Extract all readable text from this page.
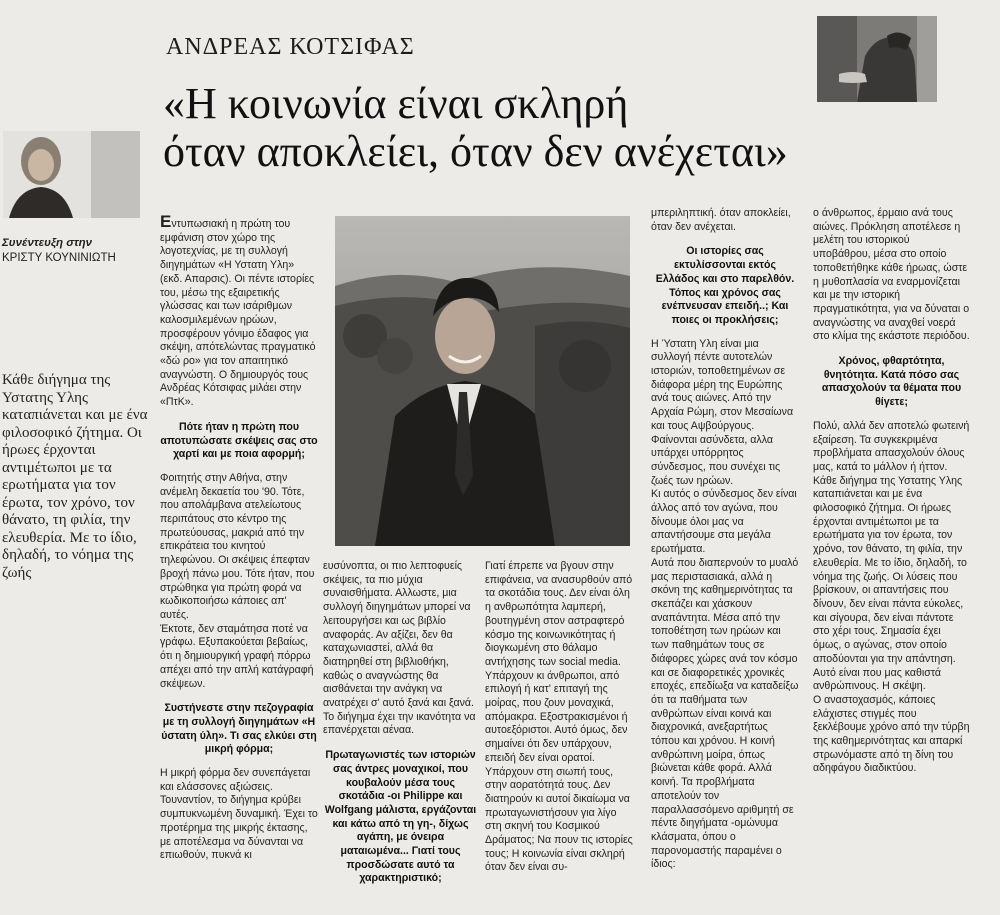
ΑΝΔΡΕΑΣ ΚΟΤΣΙΦΑΣ
«Η κοινωνία είναι σκληρή
όταν αποκλείει, όταν δεν ανέχεται»
Συνέντευξη στην
ΚΡΙΣΤΥ ΚΟΥΝΙΝΙΩΤΗ
Κάθε διήγημα της Υστατης Υλης καταπιάνεται και με ένα φιλοσοφικό ζήτημα. Οι ήρωες έρχονται αντιμέτωποι με τα ερωτήματα για τον έρωτα, τον χρόνο, τον θάνατο, τη φιλία, την ελευθερία. Με το ίδιο, δηλαδή, το νόημα της ζωής

Εντυπωσιακή η πρώτη του εμφάνιση στον χώρο της λογοτεχνίας, με τη συλλογή διηγημάτων «Η Υστατη Υλη» (εκδ. Απαρσις). Οι πέντε ιστορίες του, μέσω της εξαιρετικής γλώσσας και των ισάριθμων καλοσμιλεμένων ηρώων, προσφέρουν γόνιμο έδαφος για σκέψη, απότελώντας πραγματικό «δώ ρο» για τον απαιτητικό αναγνώστη. Ο δημιουργός τους Ανδρέας Κότσιφας μιλάει στην «ΠτΚ».

Πότε ήταν η πρώτη που αποτυπώσατε σκέψεις σας στο χαρτί και με ποια αφορμή;

Φοιτητής στην Αθήνα, στην ανέμελη δεκαετία του '90. Τότε, που απολάμβανα ατελείωτους περιπάτους στο κέντρο της πρωτεύουσας, μακριά από την επικράτεια του κινητού τηλεφώνου. Οι σκέψεις έπεφταν βροχή πάνω μου. Τότε ήταν, που στρώθηκα για πρώτη φορά να κωδικοποιήσω κάποιες απ' αυτές.

Έκτοτε, δεν σταμάτησα ποτέ να γράφω. Εξυπακούεται βεβαίως, ότι η δημιουργική γραφή πόρρω απέχει από την απλή κατάγραφή σκέψεων.

Συστήνεστε στην πεζογραφία με τη συλλογή διηγημάτων «Η ύστατη ύλη». Τι σας ελκύει στη μικρή φόρμα;

Η μικρή φόρμα δεν συνεπάγεται και ελάσσονες αξιώσεις. Τουναντίον, το διήγημα κρύβει συμπυκνωμένη δυναμική. Έχει το προτέρημα της μικρής έκτασης, με αποτέλεσμα να δύνανται να επιωθούν, πυκνά κι

ευσύνοπτα, οι πιο λεπτοφυείς σκέψεις, τα πιο μύχια συναισθήματα. Αλλωστε, μια συλλογή διηγημάτων μπορεί να λειτουργήσει και ως βιβλίο αναφοράς. Αν αξίζει, δεν θα καταχωνιαστεί, αλλά θα διατηρηθεί στη βιβλιοθήκη, καθώς ο αναγνώστης θα αισθάνεται την ανάγκη να ανατρέχει σ' αυτό ξανά και ξανά. Το διήγημα έχει την ικανότητα να επανέρχεται αέναα.

Πρωταγωνιστές των ιστοριών σας άντρες μοναχικοί, που κουβαλούν μέσα τους σκοτάδια -οι Philippe και Wolfgang μάλιστα, εργάζονται και κάτω από τη γη-, δίχως αγάπη, με όνειρα ματαιωμένα... Γιατί τους προσδώσατε αυτό τα χαρακτηριστικό;

Γιατί έπρεπε να βγουν στην επιφάνεια, να ανασυρθούν από τα σκοτάδια τους. Δεν είναι όλη η ανθρωπότητα λαμπερή, βουτηγμένη στον αστραφτερό κόσμο της κοινωνικότητας ή διογκωμένη στο θάλαμο αντήχησης των social media. Υπάρχουν κι άνθρωποι, από επιλογή ή κατ' επιταγή της μοίρας, που ζουν μοναχικά, απόμακρα. Εξοστρακισμένοι ή αυτοεξόριστοι. Αυτό όμως, δεν σημαίνει ότι δεν υπάρχουν, επειδή δεν είναι ορατοί. Υπάρχουν στη σιωπή τους, στην αορατότητά τους. Δεν διατηρούν κι αυτοί δικαίωμα να πρωταγωνιστήσουν για λίγο στη σκηνή του Κοσμικού Δράματος; Να πουν τις ιστορίες τους; Η κοινωνία είναι σκληρή όταν δεν είναι συ-

μπεριληπτική. όταν αποκλείει, όταν δεν ανέχεται.

Οι ιστορίες σας εκτυλίσσονται εκτός Ελλάδος και στο παρελθόν. Τόπος και χρόνος σας ενέπνευσαν επειδή..; Και ποιες οι προκλήσεις;

Η Ύστατη Υλη είναι μια συλλογή πέντε αυτοτελών ιστοριών, τοποθετημένων σε διάφορα μέρη της Ευρώπης ανά τους αιώνες. Από την Αρχαία Ρώμη, στον Μεσαίωνα και τους Αψβούργους.

Φαίνονται ασύνδετα, αλλα υπάρχει υπόρρητος σύνδεσμος, που συνέχει τις ζωές των ηρώων.

Κι αυτός ο σύνδεσμος δεν είναι άλλος από τον αγώνα, που δίνουμε όλοι μας να απαντήσουμε στα μεγάλα ερωτήματα.

Αυτά που διαπερνούν το μυαλό μας περιστασιακά, αλλά η σκόνη της καθημερινότητας τα σκεπάζει και χάσκουν αναπάντητα. Μέσα από την τοποθέτηση των ηρώων και των παθημάτων τους σε διάφορες χώρες ανά τον κόσμο και σε διαφορετικές χρονικές εποχές, επεδίωξα να καταδείξω ότι τα παθήματα των ανθρώπων είναι κοινά και διαχρονικά, ανεξαρτήτως τόπου και χρόνου. Η κοινή ανθρώπινη μοίρα, όπως βιώνεται κάθε φορά. Αλλά κοινή. Τα προβλήματα αποτελούν τον παραλλασσόμενο αριθμητή σε πέντε διηγήματα -ομώνυμα κλάσματα, όπου ο παρονομαστής παραμένει ο ίδιος:

ο άνθρωπος, έρμαιο ανά τους αιώνες. Πρόκληση αποτέλεσε η μελέτη του ιστορικού υποβάθρου, μέσα στο οποίο τοποθετήθηκε κάθε ήρωας, ώστε η μυθοπλασία να εναρμονίζεται και με την ιστορική πραγματικότητα, για να δύναται ο αναγνώστης να αναχθεί νοερά στο κλίμα της εκάστοτε περιόδου.

Χρόνος, φθαρτότητα, θνητότητα. Κατά πόσο σας απασχολούν τα θέματα που θίγετε;

Πολύ, αλλά δεν αποτελώ φωτεινή εξαίρεση. Τα συγκεκριμένα προβλήματα απασχολούν όλους μας, κατά το μάλλον ή ήττον. Κάθε διήγημα της Υστατης Υλης καταπιάνεται και με ένα φιλοσοφικό ζήτημα. Οι ήρωες έρχονται αντιμέτωποι με τα ερωτήματα για τον έρωτα, τον χρόνο, τον θάνατο, τη φιλία, την ελευθερία. Με το ίδιο, δηλαδή, το νόημα της ζωής. Οι λύσεις που βρίσκουν, οι απαντήσεις που δίνουν, δεν είναι πάντα εύκολες, και σίγουρα, δεν είναι πάντοτε στο χέρι τους. Σημασία έχει όμως, ο αγώνας, στον οποίο αποδύονται για την απάντηση.

Αυτό είναι που μας καθιστά ανθρώπινους. Η σκέψη.

Ο αναστοχασμός, κάποιες ελάχιστες στιγμές που ξεκλέβουμε χρόνο από την τύρβη της καθημερινότητας και απαρκί στρωνόμαστε από τη δίνη του αδηφάγου διαδικτύου.
